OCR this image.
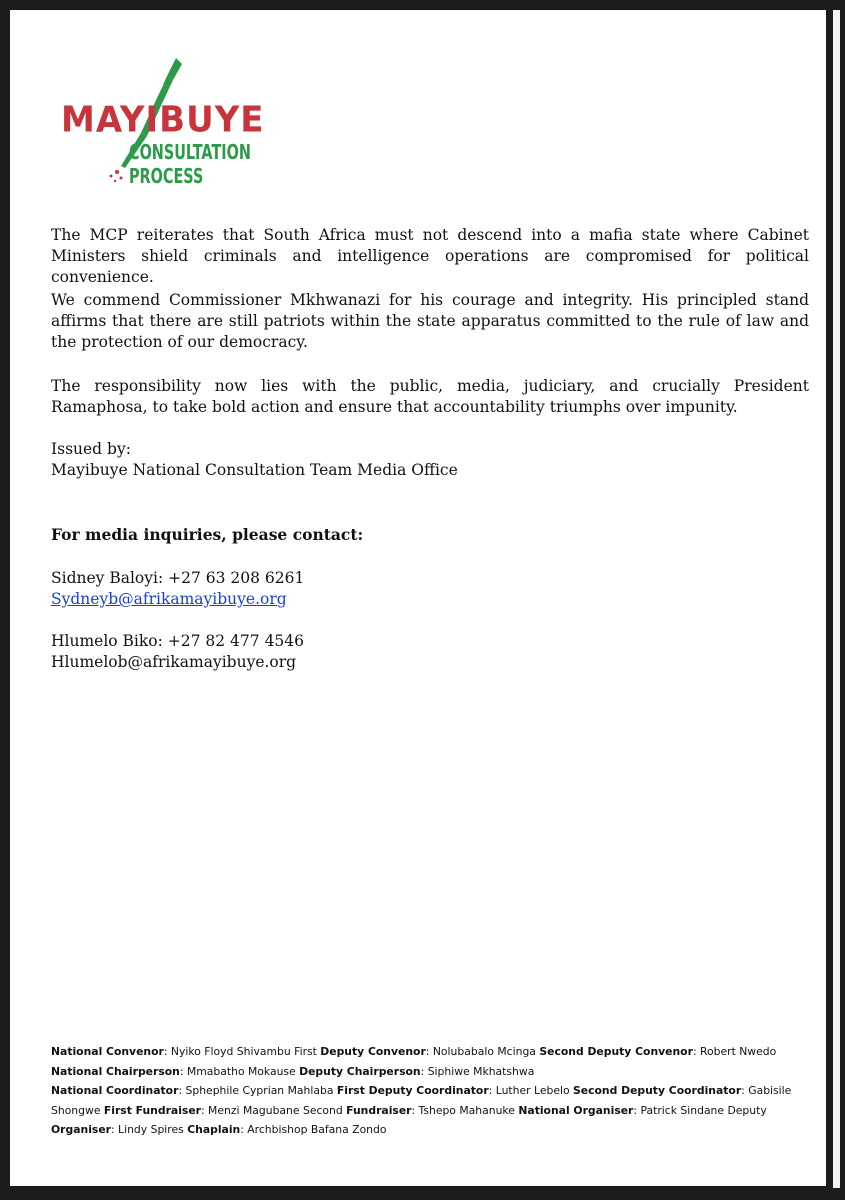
MAYIBUYE
CONSULTATION PROCESS

The MCP reiterates that South Africa must not descend into a mafia state where Cabinet Ministers shield criminals and intelligence operations are compromised for political convenience.

We commend Commissioner Mkhwanazi for his courage and integrity. His principled stand affirms that there are still patriots within the state apparatus committed to the rule of law and the protection of our democracy.

The responsibility now lies with the public, media, judiciary, and crucially President Ramaphosa, to take bold action and ensure that accountability triumphs over impunity.

Issued by:

Mayibuye National Consultation Team Media Office

For media inquiries, please contact:

Sidney Baloyi: +27 63 208 6261

Sydneyb@afrikamayibuye.org

Hlumelo Biko: +27 82 477 4546

Hlumelob@afrikamayibuye.org

National Convenor: Nyiko Floyd Shivambu First Deputy Convenor: Nolubabalo Mcinga Second Deputy Convenor: Robert Nwedo
National Chairperson: Mmabatho Mokause Deputy Chairperson: Siphiwe Mkhatshwa
National Coordinator: Sphephile Cyprian Mahlaba First Deputy Coordinator: Luther Lebelo Second Deputy Coordinator: Gabisile
Shongwe First Fundraiser: Menzi Magubane Second Fundraiser: Tshepo Mahanuke National Organiser: Patrick Sindane Deputy
Organiser: Lindy Spires Chaplain: Archbishop Bafana Zondo
